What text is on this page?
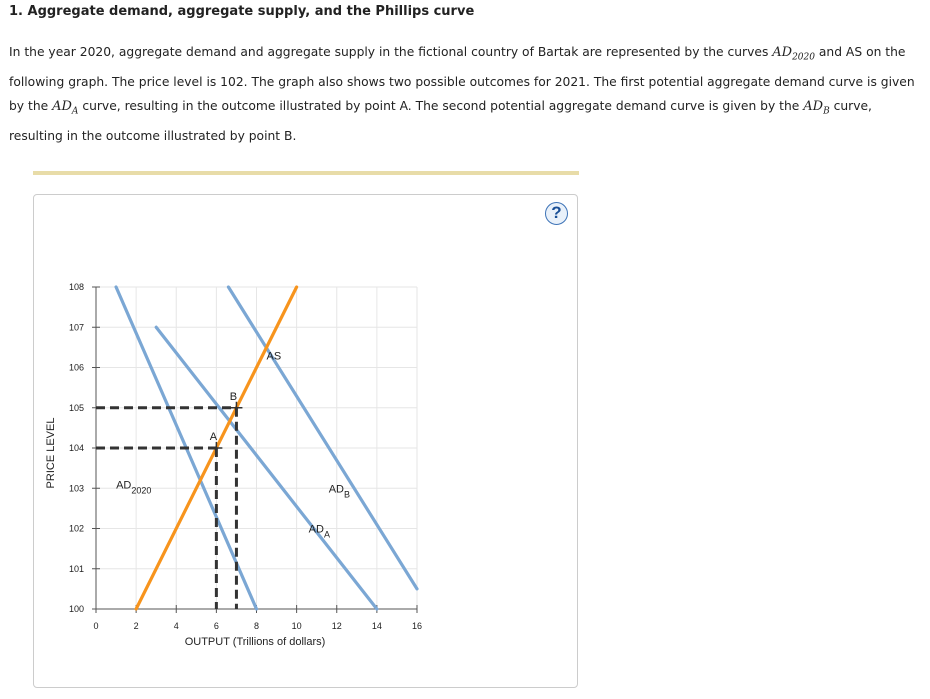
1. Aggregate demand, aggregate supply, and the Phillips curve
In the year 2020, aggregate demand and aggregate supply in the fictional country of Bartak are represented by the curves $AD_{2020}$ and AS on the following graph. The price level is 102. The graph also shows two possible outcomes for 2021. The first potential aggregate demand curve is given by the $AD_A$ curve, resulting in the outcome illustrated by point A. The second potential aggregate demand curve is given by the $AD_B$ curve, resulting in the outcome illustrated by point B.
?
100
101
102
103
104
105
106
107
108
0	2	4	6	8	10	12	14	16
$AD_{2020}$
$AD_A$
$AD_B$
AS
A
B
PRICE LEVEL
OUTPUT (Trillions of dollars)
